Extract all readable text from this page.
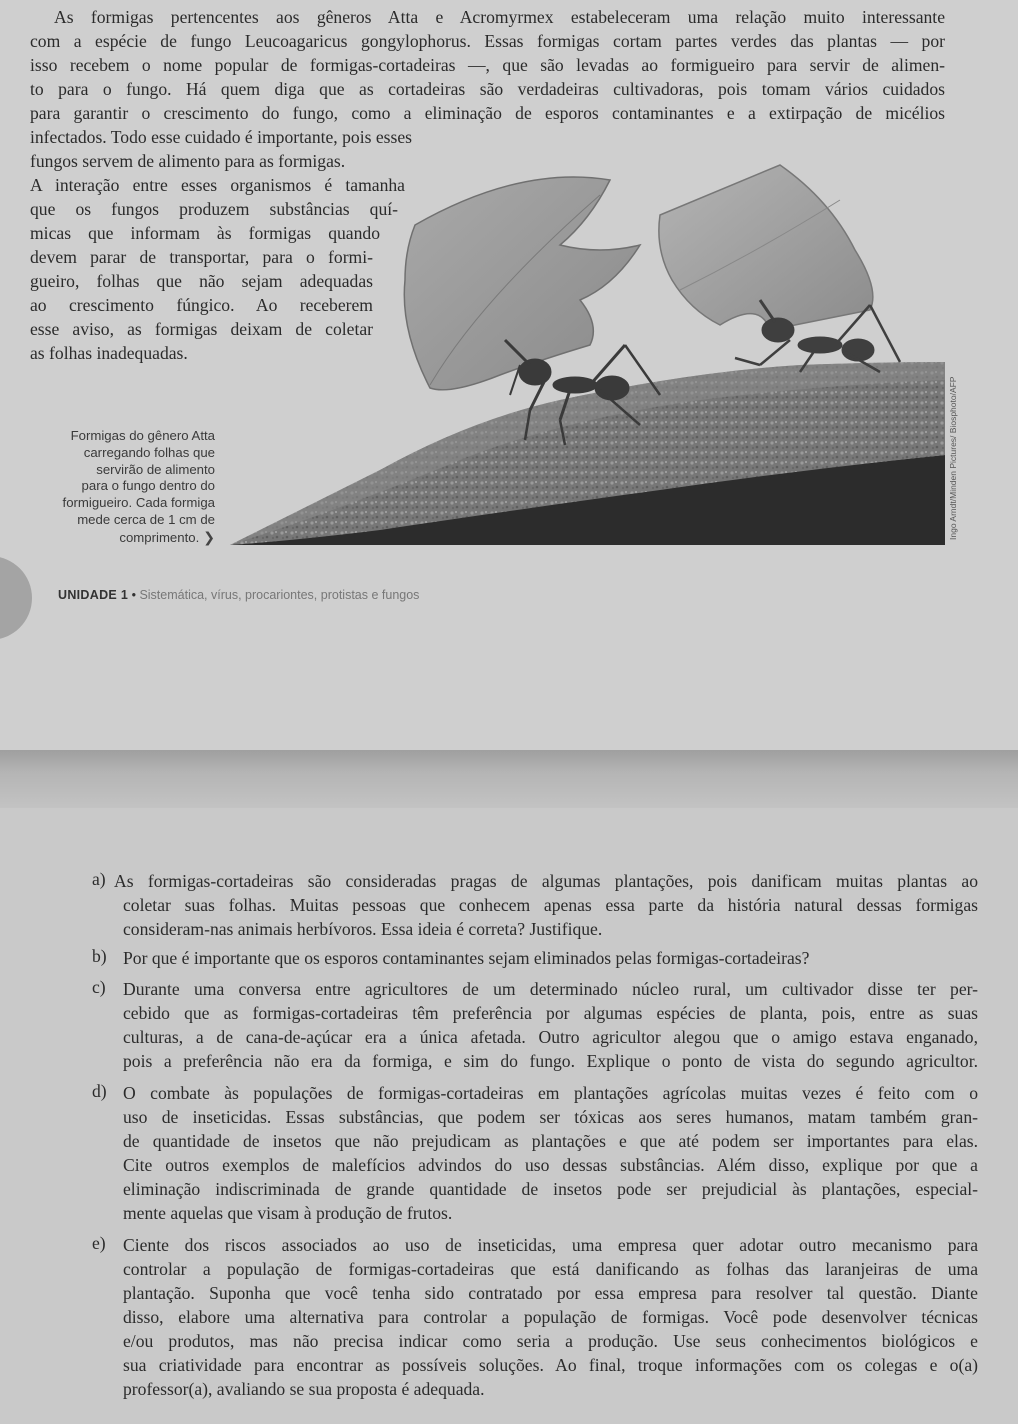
As formigas pertencentes aos gêneros Atta e Acromyrmex estabeleceram uma relação muito interessante

com a espécie de fungo Leucoagaricus gongylophorus. Essas formigas cortam partes verdes das plantas — por

isso recebem o nome popular de formigas-cortadeiras —, que são levadas ao formigueiro para servir de alimen-

to para o fungo. Há quem diga que as cortadeiras são verdadeiras cultivadoras, pois tomam vários cuidados

para garantir o crescimento do fungo, como a eliminação de esporos contaminantes e a extirpação de micélios

infectados. Todo esse cuidado é importante, pois esses

fungos servem de alimento para as formigas.

A interação entre esses organismos é tamanha

que os fungos produzem substâncias quí-

micas que informam às formigas quando

devem parar de transportar, para o formi-

gueiro, folhas que não sejam adequadas

ao crescimento fúngico. Ao receberem

esse aviso, as formigas deixam de coletar

as folhas inadequadas.

Formigas do gênero Atta
carregando folhas que
servirão de alimento
para o fungo dentro do
formigueiro. Cada formiga
mede cerca de 1 cm de
comprimento. ❯	Ingo Arndt/Minden Pictures/ Biosphoto/AFP
UNIDADE 1 • Sistemática, vírus, procariontes, protistas e fungos
a) As formigas-cortadeiras são consideradas pragas de algumas plantações, pois danificam muitas plantas ao

coletar suas folhas. Muitas pessoas que conhecem apenas essa parte da história natural dessas formigas

consideram-nas animais herbívoros. Essa ideia é correta? Justifique.

b) Por que é importante que os esporos contaminantes sejam eliminados pelas formigas-cortadeiras?

c) Durante uma conversa entre agricultores de um determinado núcleo rural, um cultivador disse ter per-

cebido que as formigas-cortadeiras têm preferência por algumas espécies de planta, pois, entre as suas

culturas, a de cana-de-açúcar era a única afetada. Outro agricultor alegou que o amigo estava enganado,

pois a preferência não era da formiga, e sim do fungo. Explique o ponto de vista do segundo agricultor.

d) O combate às populações de formigas-cortadeiras em plantações agrícolas muitas vezes é feito com o

uso de inseticidas. Essas substâncias, que podem ser tóxicas aos seres humanos, matam também gran-

de quantidade de insetos que não prejudicam as plantações e que até podem ser importantes para elas.

Cite outros exemplos de malefícios advindos do uso dessas substâncias. Além disso, explique por que a

eliminação indiscriminada de grande quantidade de insetos pode ser prejudicial às plantações, especial-

mente aquelas que visam à produção de frutos.

e) Ciente dos riscos associados ao uso de inseticidas, uma empresa quer adotar outro mecanismo para

controlar a população de formigas-cortadeiras que está danificando as folhas das laranjeiras de uma

plantação. Suponha que você tenha sido contratado por essa empresa para resolver tal questão. Diante

disso, elabore uma alternativa para controlar a população de formigas. Você pode desenvolver técnicas

e/ou produtos, mas não precisa indicar como seria a produção. Use seus conhecimentos biológicos e

sua criatividade para encontrar as possíveis soluções. Ao final, troque informações com os colegas e o(a)

professor(a), avaliando se sua proposta é adequada.
